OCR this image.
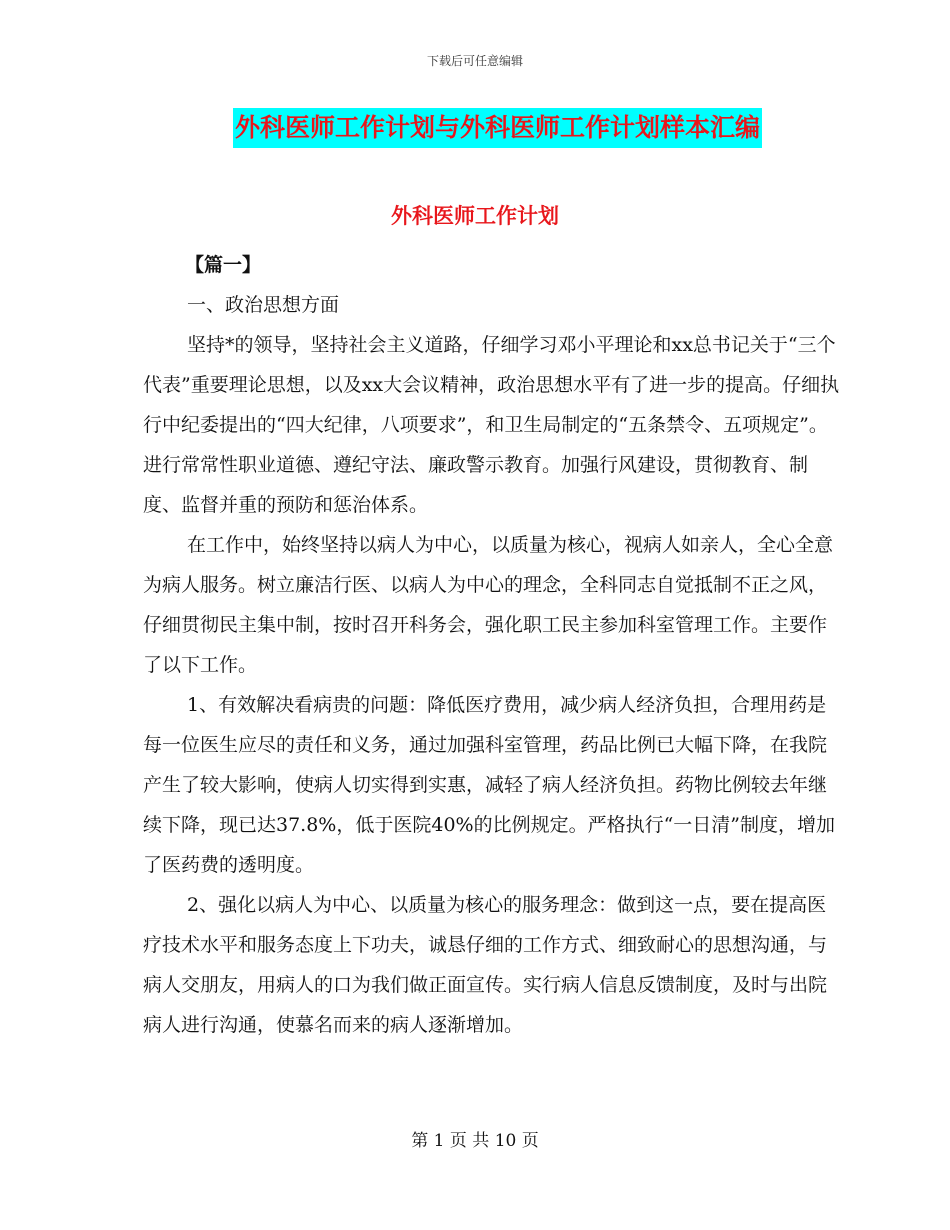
下载后可任意编辑
外科医师工作计划与外科医师工作计划样本汇编
外科医师工作计划

【篇一】

一、政治思想方面

坚持*的领导，坚持社会主义道路，仔细学习邓小平理论和xx总书记关于“三个代表”重要理论思想，以及xx大会议精神，政治思想水平有了进一步的提高。仔细执行中纪委提出的“四大纪律，八项要求”，和卫生局制定的“五条禁令、五项规定”。进行常常性职业道德、遵纪守法、廉政警示教育。加强行风建设，贯彻教育、制度、监督并重的预防和惩治体系。

在工作中，始终坚持以病人为中心，以质量为核心，视病人如亲人，全心全意为病人服务。树立廉洁行医、以病人为中心的理念，全科同志自觉抵制不正之风，仔细贯彻民主集中制，按时召开科务会，强化职工民主参加科室管理工作。主要作了以下工作。

1、有效解决看病贵的问题：降低医疗费用，减少病人经济负担，合理用药是每一位医生应尽的责任和义务，通过加强科室管理，药品比例已大幅下降，在我院产生了较大影响，使病人切实得到实惠，减轻了病人经济负担。药物比例较去年继续下降，现已达37.8%，低于医院40%的比例规定。严格执行“一日清”制度，增加了医药费的透明度。

2、强化以病人为中心、以质量为核心的服务理念：做到这一点，要在提高医疗技术水平和服务态度上下功夫，诚恳仔细的工作方式、细致耐心的思想沟通，与病人交朋友，用病人的口为我们做正面宣传。实行病人信息反馈制度，及时与出院病人进行沟通，使慕名而来的病人逐渐增加。

第 1 页 共 10 页
